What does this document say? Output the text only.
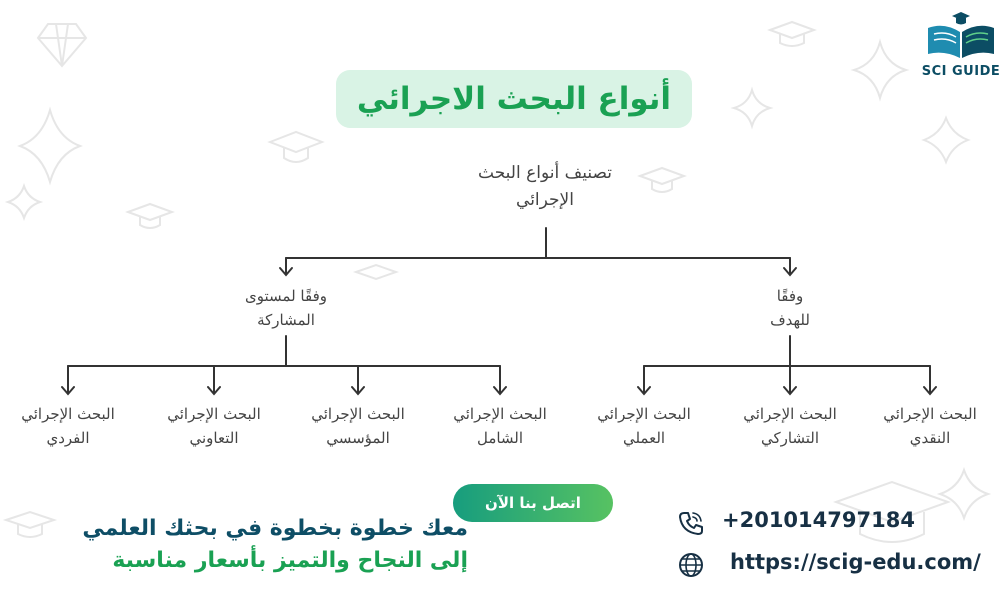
SCI GUIDE
أنواع البحث الاجرائي
تصنيف أنواع البحث
الإجرائي
وفقًا
للهدف
وفقًا لمستوى
المشاركة
البحث الإجرائي
النقدي
البحث الإجرائي
التشاركي
البحث الإجرائي
العملي
البحث الإجرائي
الشامل
البحث الإجرائي
المؤسسي
البحث الإجرائي
التعاوني
البحث الإجرائي
الفردي
اتصل بنا الآن
معك خطوة بخطوة في بحثك العلمي
إلى النجاح والتميز بأسعار مناسبة
+201014797184
https://scig-edu.com/
